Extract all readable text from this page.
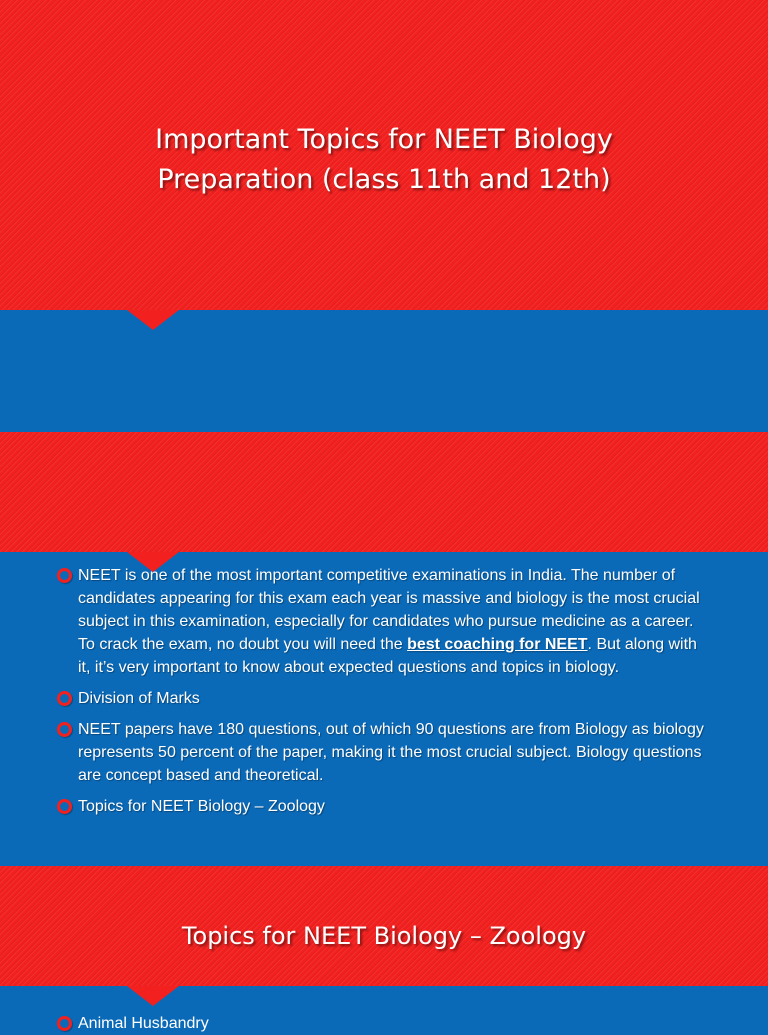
Important Topics for NEET Biology
Preparation (class 11th and 12th)
NEET is one of the most important competitive examinations in India. The number of candidates appearing for this exam each year is massive and biology is the most crucial subject in this examination, especially for candidates who pursue medicine as a career. To crack the exam, no doubt you will need the best coaching for NEET. But along with it, it’s very important to know about expected questions and topics in biology.
Division of Marks
NEET papers have 180 questions, out of which 90 questions are from Biology as biology represents 50 percent of the paper, making it the most crucial subject. Biology questions are concept based and theoretical.
Topics for NEET Biology – Zoology
Topics for NEET Biology – Zoology
Animal Husbandry
